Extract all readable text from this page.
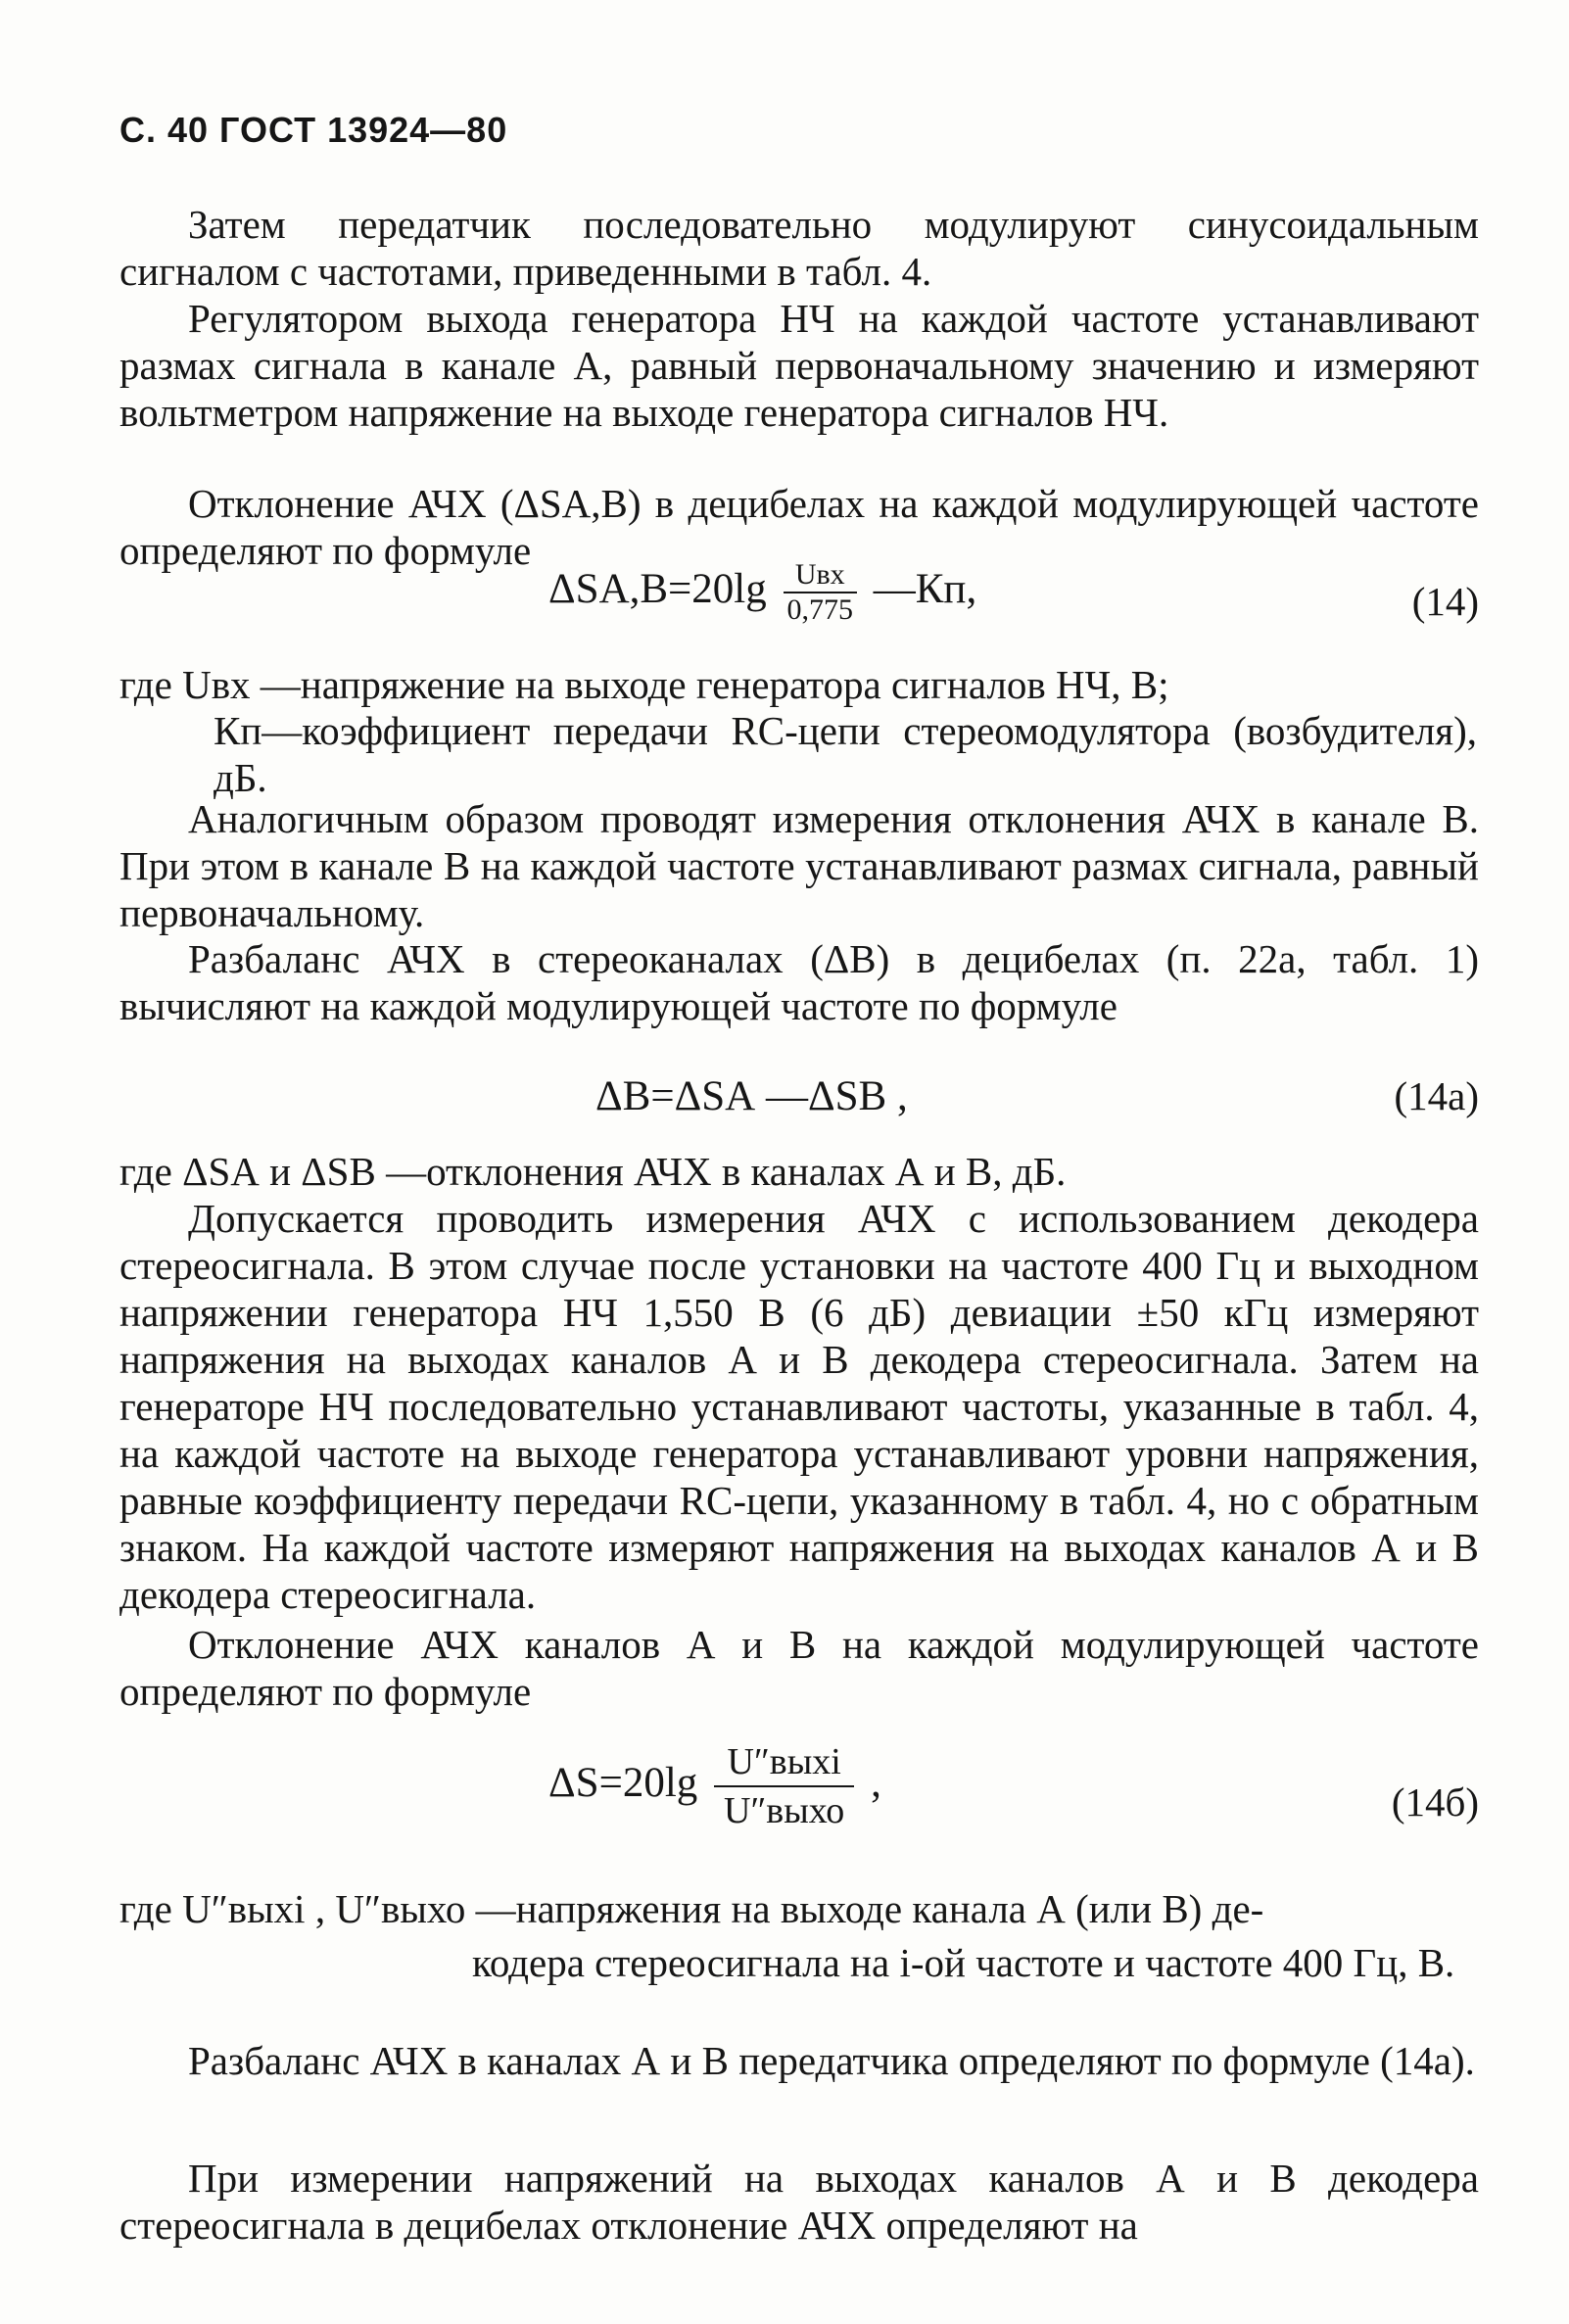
С. 40 ГОСТ 13924—80

Затем передатчик последовательно модулируют синусоидальным сигналом с частотами, приведенными в табл. 4.

Регулятором выхода генератора НЧ на каждой частоте устанавливают размах сигнала в канале А, равный первоначальному значению и измеряют вольтметром напряжение на выходе генератора сигналов НЧ.

Отклонение АЧХ (ΔSА,В) в децибелах на каждой модулирующей частоте определяют по формуле

$\Delta SА,В=20\lg \frac{\text{Uвх}}{0,775}$ —Кп,	(14)
где Uвх —напряжение на выходе генератора сигналов НЧ, В;
Кп—коэффициент передачи RC-цепи стереомодулятора (возбудителя), дБ.

Аналогичным образом проводят измерения отклонения АЧХ в канале В. При этом в канале В на каждой частоте устанавливают размах сигнала, равный первоначальному.

Разбаланс АЧХ в стереоканалах (ΔВ) в децибелах (п. 22а, табл. 1) вычисляют на каждой модулирующей частоте по формуле

ΔВ=ΔSА —ΔSВ ,	(14а)

где ΔSА и ΔSВ —отклонения АЧХ в каналах А и В, дБ.

Допускается проводить измерения АЧХ с использованием декодера стереосигнала. В этом случае после установки на частоте 400 Гц и выходном напряжении генератора НЧ 1,550 В (6 дБ) девиации ±50 кГц измеряют напряжения на выходах каналов А и В декодера стереосигнала. Затем на генераторе НЧ последовательно устанавливают частоты, указанные в табл. 4, на каждой частоте на выходе генератора устанавливают уровни напряжения, равные коэффициенту передачи RC-цепи, указанному в табл. 4, но с обратным знаком. На каждой частоте измеряют напряжения на выходах каналов А и В декодера стереосигнала.

Отклонение АЧХ каналов А и В на каждой модулирующей частоте определяют по формуле

$\Delta S=20\lg \frac{\text{U″выхi}}{\text{U″выхо}}$ ,	(14б)
где U″выхi , U″выхо —напряжения на выходе канала А (или В) де-
кодера стереосигнала на i-ой частоте и частоте 400 Гц, В.

Разбаланс АЧХ в каналах А и В передатчика определяют по формуле (14а).

При измерении напряжений на выходах каналов А и В декодера стереосигнала в децибелах отклонение АЧХ определяют на
